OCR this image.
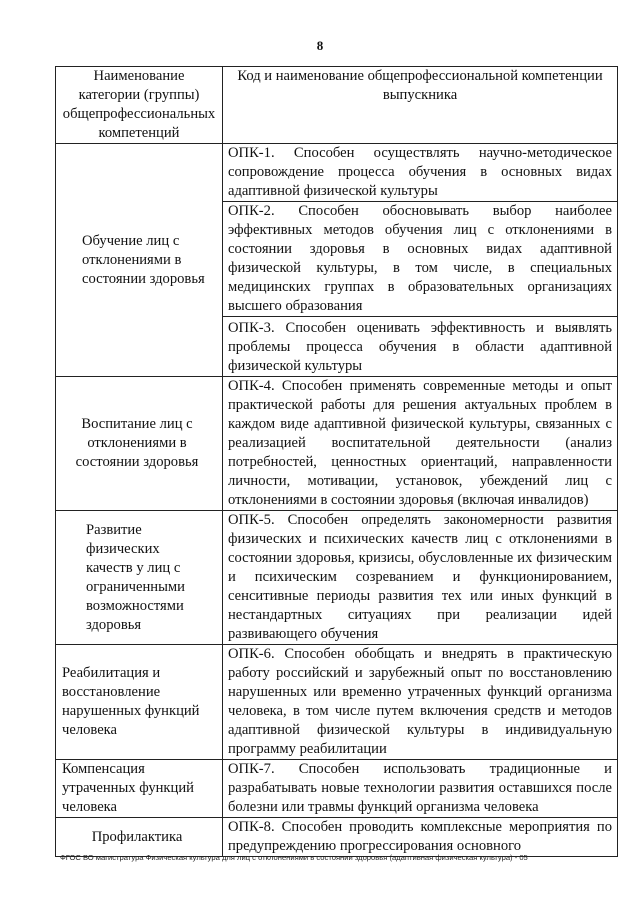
8
Наименование категории (группы) общепрофессиональных компетенций	Код и наименование общепрофессиональной компетенции выпускника
Обучение лиц с отклонениями в состоянии здоровья	ОПК-1. Способен осуществлять научно-методическое сопровождение процесса обучения в основных видах адаптивной физической культуры
	ОПК-2. Способен обосновывать выбор наиболее эффективных методов обучения лиц с отклонениями в состоянии здоровья в основных видах адаптивной физической культуры, в том числе, в специальных медицинских группах в образовательных организациях высшего образования
	ОПК-3. Способен оценивать эффективность и выявлять проблемы процесса обучения в области адаптивной физической культуры
Воспитание лиц с отклонениями в состоянии здоровья	ОПК-4. Способен применять современные методы и опыт практической работы для решения актуальных проблем в каждом виде адаптивной физической культуры, связанных с реализацией воспитательной деятельности (анализ потребностей, ценностных ориентаций, направленности личности, мотивации, установок, убеждений лиц с отклонениями в состоянии здоровья (включая инвалидов)
Развитие физических качеств у лиц с ограниченными возможностями здоровья	ОПК-5. Способен определять закономерности развития физических и психических качеств лиц с отклонениями в состоянии здоровья, кризисы, обусловленные их физическим и психическим созреванием и функционированием, сенситивные периоды развития тех или иных функций в нестандартных ситуациях при реализации идей развивающего обучения
Реабилитация и восстановление нарушенных функций человека	ОПК-6. Способен обобщать и внедрять в практическую работу российский и зарубежный опыт по восстановлению нарушенных или временно утраченных функций организма человека, в том числе путем включения средств и методов адаптивной физической культуры в индивидуальную программу реабилитации
Компенсация утраченных функций человека	ОПК-7. Способен использовать традиционные и разрабатывать новые технологии развития оставшихся после болезни или травмы функций организма человека
Профилактика	ОПК-8. Способен проводить комплексные мероприятия по предупреждению прогрессирования основного
ФГОС ВО магистратура Физическая культура для лиц с отклонениями в состоянии здоровья (адаптивная физическая культура) - 05
